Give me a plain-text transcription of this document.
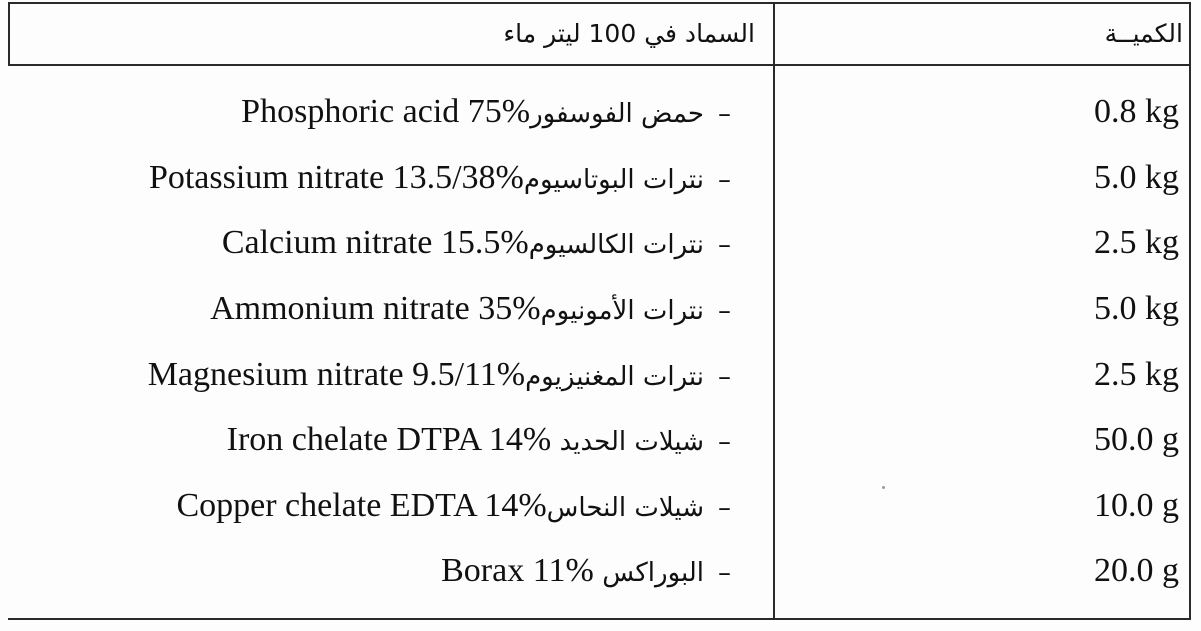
السماد في 100 ليتر ماء	الكميــة
Phosphoric acid 75%حمض الفوسفور –	0.8 kg
Potassium nitrate 13.5/38%نترات البوتاسيوم –	5.0 kg
Calcium nitrate 15.5%نترات الكالسيوم –	2.5 kg
Ammonium nitrate 35%نترات الأمونيوم –	5.0 kg
Magnesium nitrate 9.5/11%نترات المغنيزيوم –	2.5 kg
Iron chelate DTPA 14% شيلات الحديد –	50.0 g
Copper chelate EDTA 14%شيلات النحاس –	10.0 g
Borax 11% البوراكس –	20.0 g
